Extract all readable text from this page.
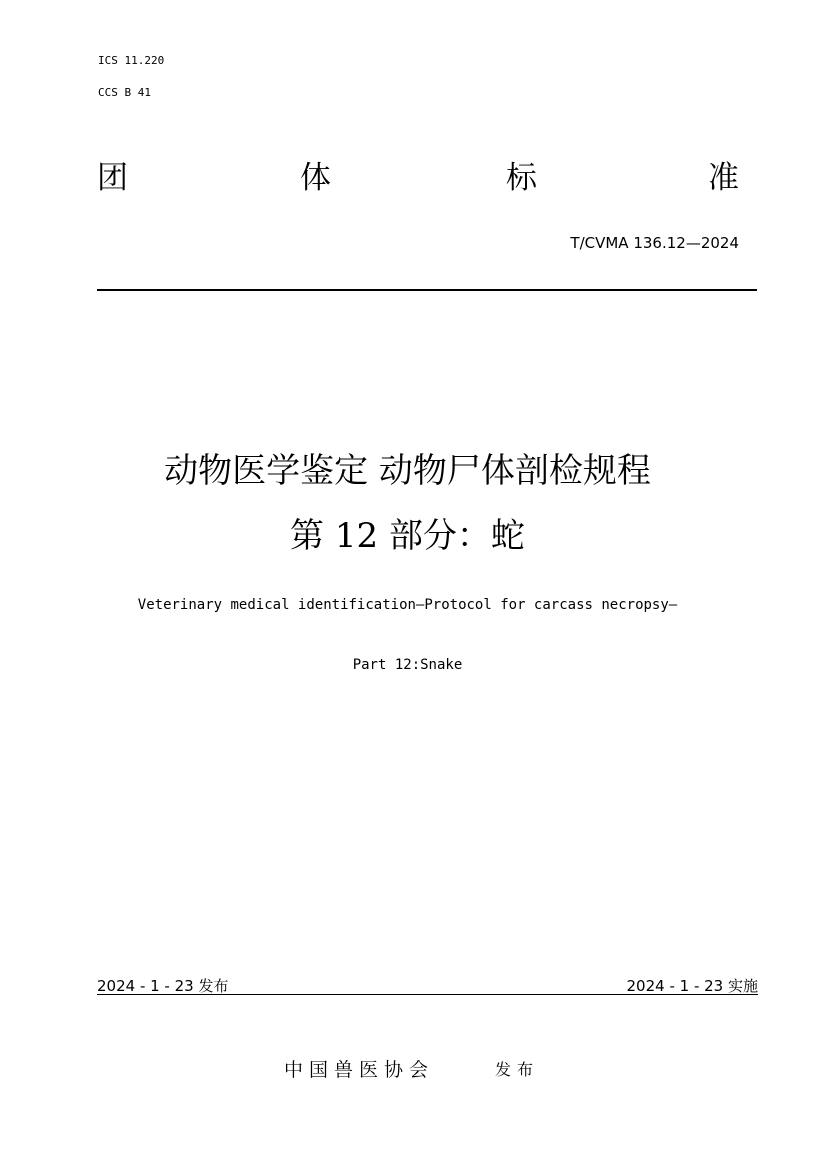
ICS 11.220
CCS B 41
团	体	标	准
T/CVMA 136.12—2024
动物医学鉴定 动物尸体剖检规程
第 12 部分：蛇
Veterinary medical identification—Protocol for carcass necropsy—
Part 12:Snake
2024 - 1 - 23 发布	2024 - 1 - 23 实施
中国兽医协会	发布
